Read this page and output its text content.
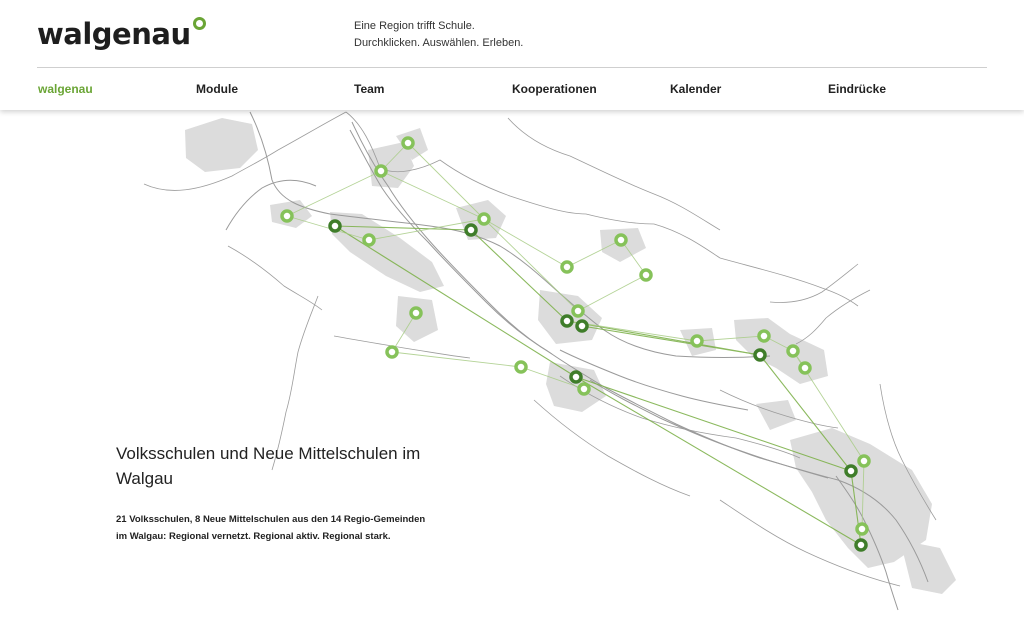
walgenau	Eine Region trifft Schule.
Durchklicken. Auswählen. Erleben.
walgenau	Module	Team	Kooperationen	Kalender	Eindrücke
Volksschulen und Neue Mittelschulen im Walgau

21 Volksschulen, 8 Neue Mittelschulen aus den 14 Regio-Gemeinden im Walgau: Regional vernetzt. Regional aktiv. Regional stark.
